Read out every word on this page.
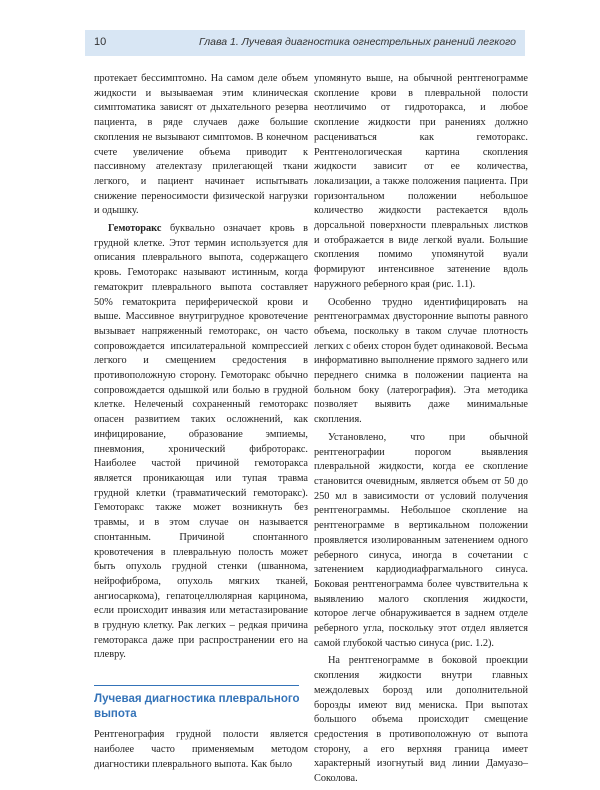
10	Глава 1. Лучевая диагностика огнестрельных ранений легкого

протекает бессимптомно. На самом деле объем жидкости и вызываемая этим клиническая симптоматика зависят от дыхательного резерва пациента, в ряде случаев даже большие скопления не вызывают симптомов. В конечном счете увеличение объема приводит к пассивному ателектазу прилегающей ткани легкого, и пациент начинает испытывать снижение переносимости физической нагрузки и одышку.

Гемоторакс буквально означает кровь в грудной клетке. Этот термин используется для описания плеврального выпота, содержащего кровь. Гемоторакс называют истинным, когда гематокрит плеврального выпота составляет 50% гематокрита периферической крови и выше. Массивное внутригрудное кровотечение вызывает напряженный гемоторакс, он часто сопровождается ипсилатеральной компрессией легкого и смещением средостения в противоположную сторону. Гемоторакс обычно сопровождается одышкой или болью в грудной клетке. Нелеченый сохраненный гемоторакс опасен развитием таких осложнений, как инфицирование, образование эмпиемы, пневмония, хронический фиброторакс. Наиболее частой причиной гемоторакса является проникающая или тупая травма грудной клетки (травматический гемоторакс). Гемоторакс также может возникнуть без травмы, и в этом случае он называется спонтанным. Причиной спонтанного кровотечения в плевральную полость может быть опухоль грудной стенки (шваннома, нейрофиброма, опухоль мягких тканей, ангиосаркома), гепатоцеллюлярная карцинома, если происходит инвазия или метастазирование в грудную клетку. Рак легких – редкая причина гемоторакса даже при распространении его на плевру.

Лучевая диагностика плеврального выпота

Рентгенография грудной полости является наиболее часто применяемым методом диагностики плеврального выпота. Как было

упомянуто выше, на обычной рентгенограмме скопление крови в плевральной полости неотличимо от гидроторакса, и любое скопление жидкости при ранениях должно расцениваться как гемоторакс. Рентгенологическая картина скопления жидкости зависит от ее количества, локализации, а также положения пациента. При горизонтальном положении небольшое количество жидкости растекается вдоль дорсальной поверхности плевральных листков и отображается в виде легкой вуали. Большие скопления помимо упомянутой вуали формируют интенсивное затенение вдоль наружного реберного края (рис. 1.1).

Особенно трудно идентифицировать на рентгенограммах двусторонние выпоты равного объема, поскольку в таком случае плотность легких с обеих сторон будет одинаковой. Весьма информативно выполнение прямого заднего или переднего снимка в положении пациента на больном боку (латерография). Эта методика позволяет выявить даже минимальные скопления.

Установлено, что при обычной рентгенографии порогом выявления плевральной жидкости, когда ее скопление становится очевидным, является объем от 50 до 250 мл в зависимости от условий получения рентгенограммы. Небольшое скопление на рентгенограмме в вертикальном положении проявляется изолированным затенением одного реберного синуса, иногда в сочетании с затенением кардиодиафрагмального синуса. Боковая рентгенограмма более чувствительна к выявлению малого скопления жидкости, которое легче обнаруживается в заднем отделе реберного угла, поскольку этот отдел является самой глубокой частью синуса (рис. 1.2).

На рентгенограмме в боковой проекции скопления жидкости внутри главных междолевых борозд или дополнительной борозды имеют вид мениска. При выпотах большого объема происходит смещение средостения в противоположную от выпота сторону, а его верхняя граница имеет характерный изогнутый вид линии Дамуазо–Соколова.
